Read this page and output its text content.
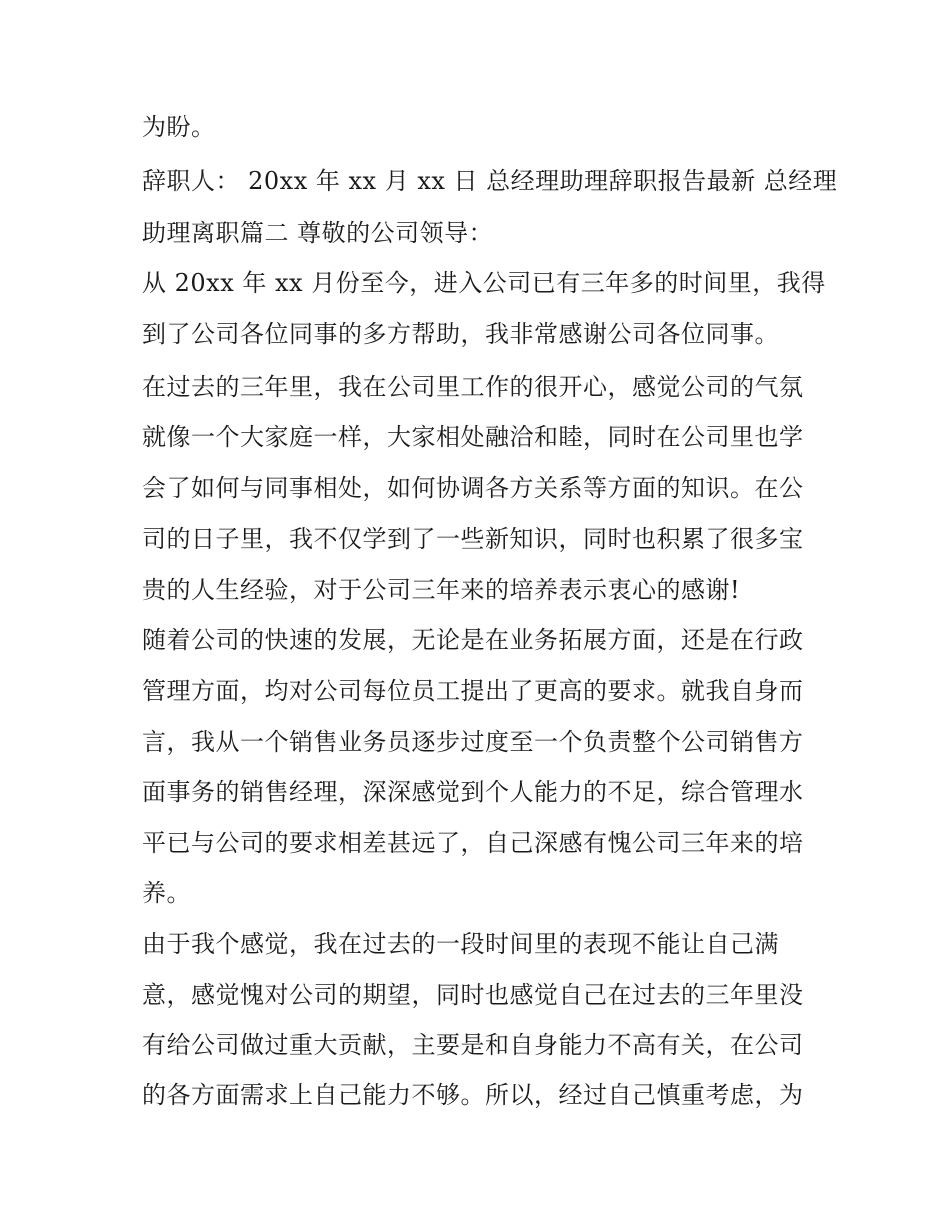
为盼。
辞职人： 20xx 年 xx 月 xx 日 总经理助理辞职报告最新 总经理
助理离职篇二 尊敬的公司领导：
从 20xx 年 xx 月份至今，进入公司已有三年多的时间里，我得
到了公司各位同事的多方帮助，我非常感谢公司各位同事。
在过去的三年里，我在公司里工作的很开心，感觉公司的气氛
就像一个大家庭一样，大家相处融洽和睦，同时在公司里也学
会了如何与同事相处，如何协调各方关系等方面的知识。在公
司的日子里，我不仅学到了一些新知识，同时也积累了很多宝
贵的人生经验，对于公司三年来的培养表示衷心的感谢!
随着公司的快速的发展，无论是在业务拓展方面，还是在行政
管理方面，均对公司每位员工提出了更高的要求。就我自身而
言，我从一个销售业务员逐步过度至一个负责整个公司销售方
面事务的销售经理，深深感觉到个人能力的不足，综合管理水
平已与公司的要求相差甚远了，自己深感有愧公司三年来的培
养。
由于我个感觉，我在过去的一段时间里的表现不能让自己满
意，感觉愧对公司的期望，同时也感觉自己在过去的三年里没
有给公司做过重大贡献，主要是和自身能力不高有关，在公司
的各方面需求上自己能力不够。所以，经过自己慎重考虑，为
